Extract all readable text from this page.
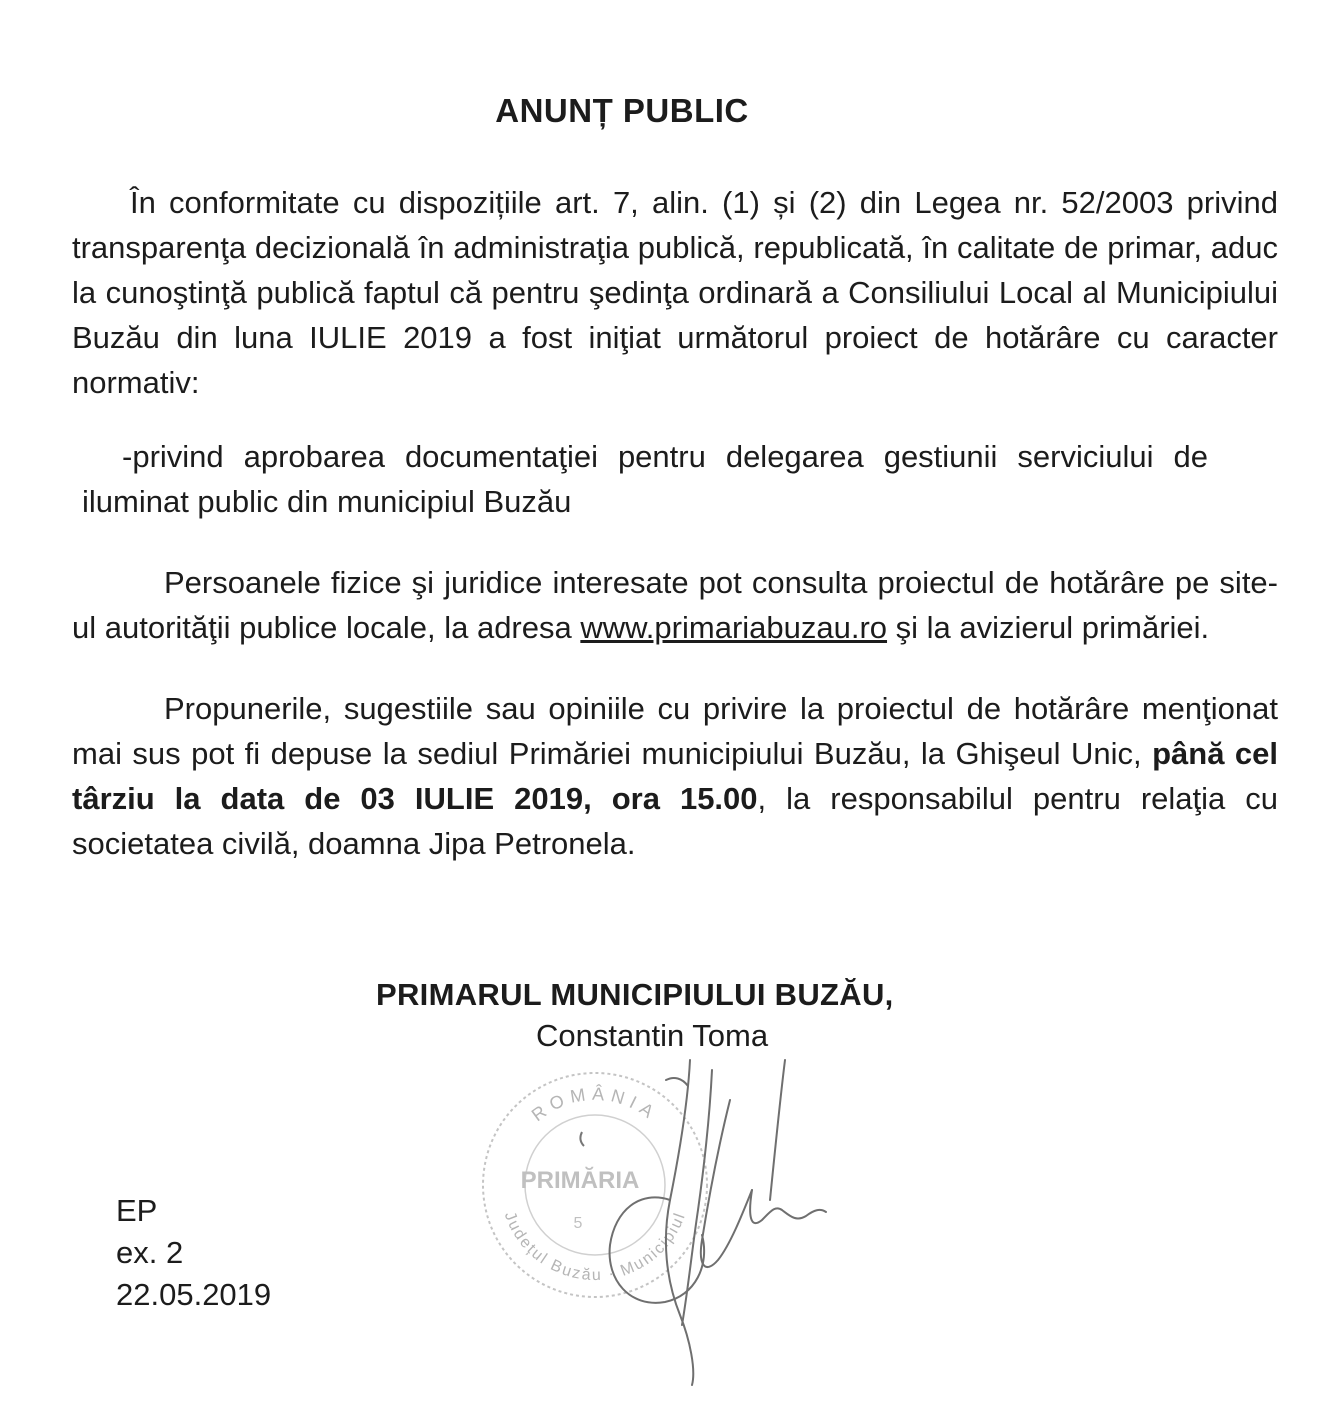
ANUNȚ PUBLIC
În conformitate cu dispozițiile art. 7, alin. (1) și (2) din Legea nr. 52/2003 privind transparenţa decizională în administraţia publică, republicată, în calitate de primar, aduc la cunoştinţă publică faptul că pentru şedinţa ordinară a Consiliului Local al Municipiului Buzău din luna IULIE 2019 a fost iniţiat următorul proiect de hotărâre cu caracter normativ:
-privind aprobarea documentaţiei pentru delegarea gestiunii serviciului de iluminat public din municipiul Buzău
Persoanele fizice şi juridice interesate pot consulta proiectul de hotărâre pe site-ul autorităţii publice locale, la adresa www.primariabuzau.ro şi la avizierul primăriei.
Propunerile, sugestiile sau opiniile cu privire la proiectul de hotărâre menţionat mai sus pot fi depuse la sediul Primăriei municipiului Buzău, la Ghişeul Unic, până cel târziu la data de 03 IULIE 2019, ora 15.00, la responsabilul pentru relaţia cu societatea civilă, doamna Jipa Petronela.
ROMÂNIA
Județul Buzău · Municipiul
PRIMĂRIA
5
PRIMARUL MUNICIPIULUI BUZĂU,
Constantin Toma
EP
ex. 2
22.05.2019
